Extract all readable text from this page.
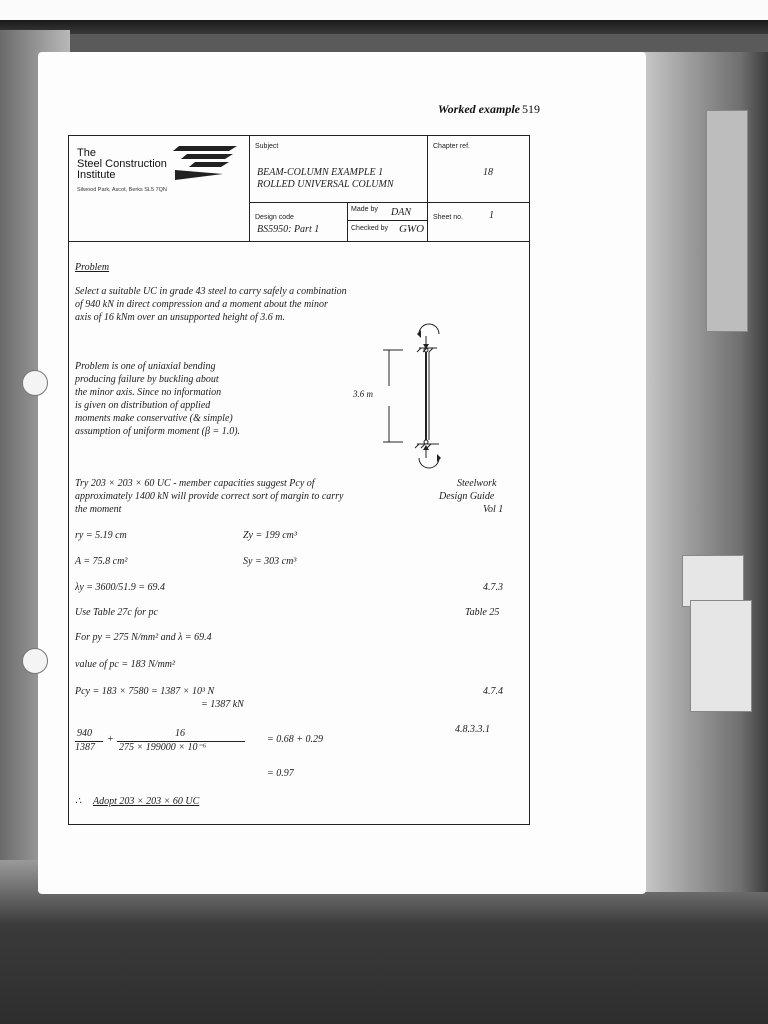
Worked example 519
The
Steel Construction
Institute
Silwood Park, Ascot, Berks SL5 7QN
Subject
BEAM-COLUMN EXAMPLE 1
ROLLED UNIVERSAL COLUMN
Chapter ref.
18
Design code
BS5950: Part 1
Made by DAN
Checked by GWO
Sheet no.	1
Problem
Select a suitable UC in grade 43 steel to carry safely a combination
of 940 kN in direct compression and a moment about the minor
axis of 16 kNm over an unsupported height of 3.6 m.
Problem is one of uniaxial bending
producing failure by buckling about
the minor axis. Since no information
is given on distribution of applied
moments make conservative (& simple)
assumption of uniform moment (β = 1.0).
3.6 m
Try 203 × 203 × 60 UC - member capacities suggest Pcy of
approximately 1400 kN will provide correct sort of margin to carry
the moment
Steelwork
Design Guide
Vol 1
ry = 5.19 cm	Zy = 199 cm³
A = 75.8 cm²	Sy = 303 cm³
λy = 3600/51.9 = 69.4	4.7.3
Use Table 27c for pc	Table 25
For py = 275 N/mm² and λ = 69.4
value of pc = 183 N/mm²
Pcy = 183 × 7580 = 1387 × 10³ N
= 1387 kN
4.7.4
940
1387
+
16
275 × 199000 × 10⁻⁶
= 0.68 + 0.29
4.8.3.3.1
= 0.97
∴ Adopt 203 × 203 × 60 UC
